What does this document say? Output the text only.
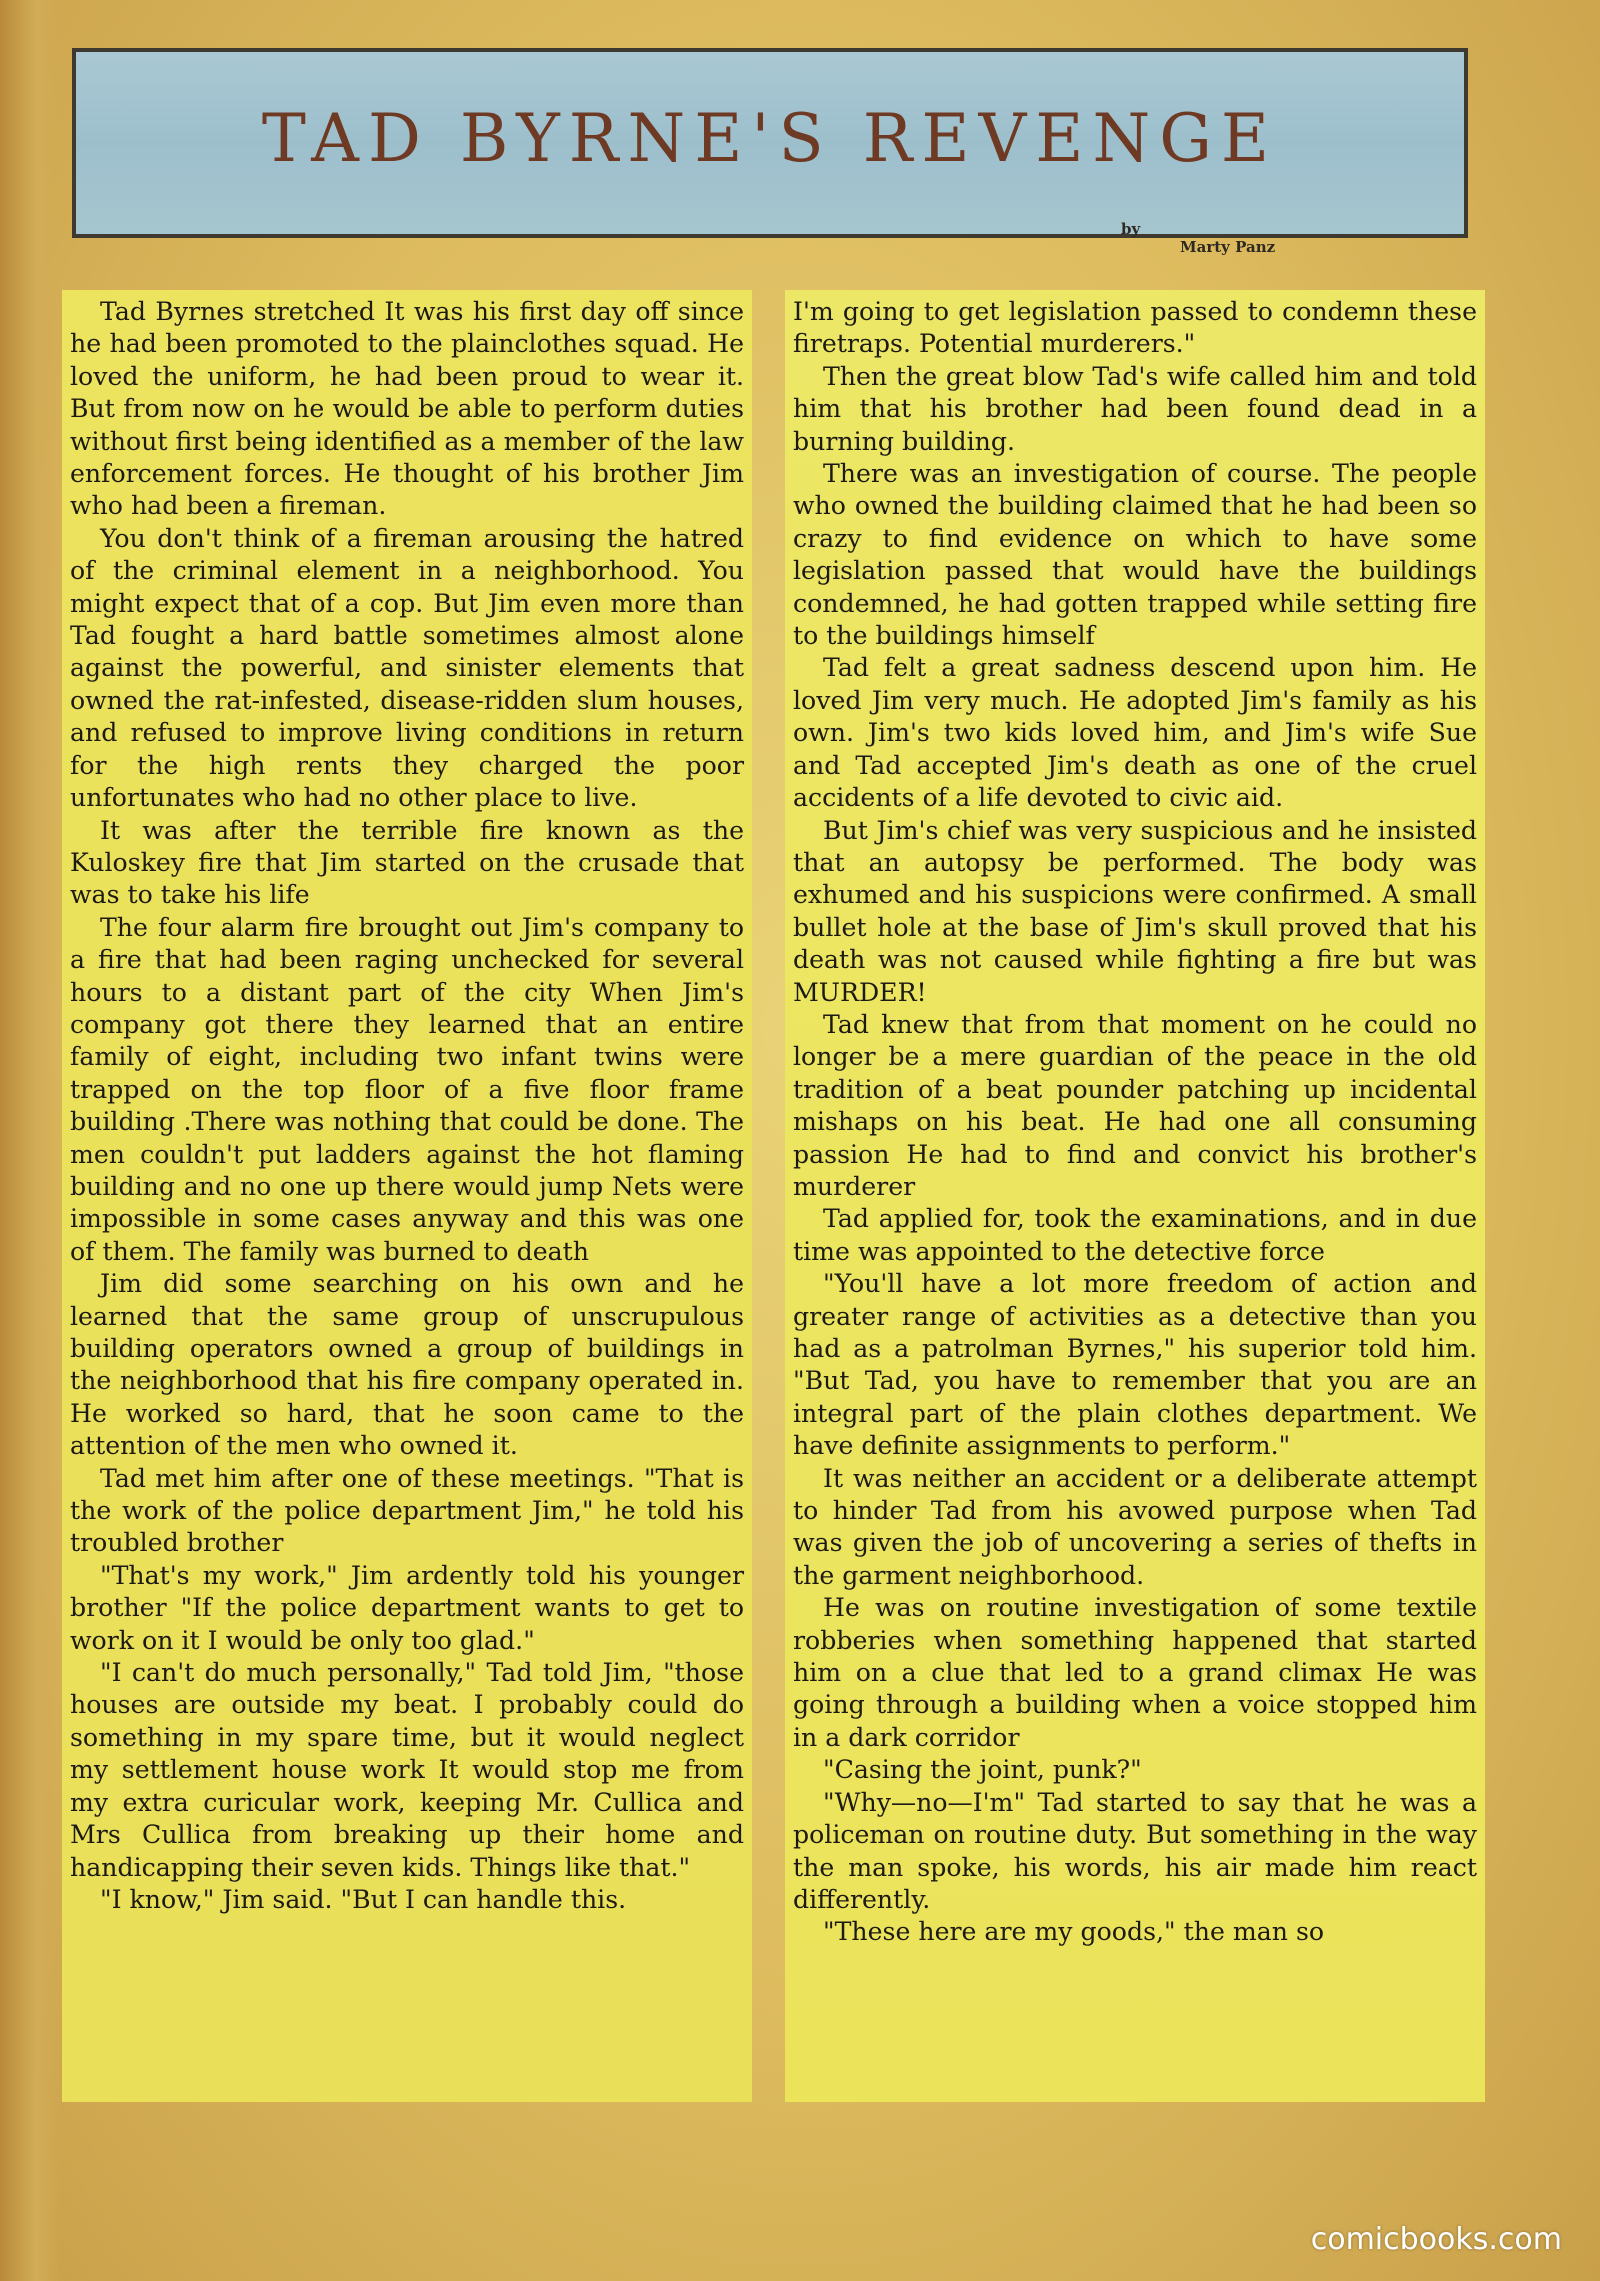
TAD BYRNE'S REVENGE
by
Marty Panz

Tad Byrnes stretched It was his first day off since he had been promoted to the plainclothes squad. He loved the uniform, he had been proud to wear it. But from now on he would be able to perform duties without first being identified as a member of the law enforcement forces. He thought of his brother Jim who had been a fireman.

You don't think of a fireman arousing the hatred of the criminal element in a neighborhood. You might expect that of a cop. But Jim even more than Tad fought a hard battle sometimes almost alone against the powerful, and sinister elements that owned the rat-infested, disease-ridden slum houses, and refused to improve living conditions in return for the high rents they charged the poor unfortunates who had no other place to live.

It was after the terrible fire known as the Kuloskey fire that Jim started on the crusade that was to take his life

The four alarm fire brought out Jim's company to a fire that had been raging unchecked for several hours to a distant part of the city When Jim's company got there they learned that an entire family of eight, including two infant twins were trapped on the top floor of a five floor frame building .There was nothing that could be done. The men couldn't put ladders against the hot flaming building and no one up there would jump Nets were impossible in some cases anyway and this was one of them. The family was burned to death

Jim did some searching on his own and he learned that the same group of unscrupulous building operators owned a group of buildings in the neighborhood that his fire company operated in. He worked so hard, that he soon came to the attention of the men who owned it.

Tad met him after one of these meetings. "That is the work of the police department Jim," he told his troubled brother

"That's my work," Jim ardently told his younger brother "If the police department wants to get to work on it I would be only too glad."

"I can't do much personally," Tad told Jim, "those houses are outside my beat. I probably could do something in my spare time, but it would neglect my settlement house work It would stop me from my extra curicular work, keeping Mr. Cullica and Mrs Cullica from breaking up their home and handicapping their seven kids. Things like that."

"I know," Jim said. "But I can handle this.

I'm going to get legislation passed to condemn these firetraps. Potential murderers."

Then the great blow Tad's wife called him and told him that his brother had been found dead in a burning building.

There was an investigation of course. The people who owned the building claimed that he had been so crazy to find evidence on which to have some legislation passed that would have the buildings condemned, he had gotten trapped while setting fire to the buildings himself

Tad felt a great sadness descend upon him. He loved Jim very much. He adopted Jim's family as his own. Jim's two kids loved him, and Jim's wife Sue and Tad accepted Jim's death as one of the cruel accidents of a life devoted to civic aid.

But Jim's chief was very suspicious and he insisted that an autopsy be performed. The body was exhumed and his suspicions were confirmed. A small bullet hole at the base of Jim's skull proved that his death was not caused while fighting a fire but was MURDER!

Tad knew that from that moment on he could no longer be a mere guardian of the peace in the old tradition of a beat pounder patching up incidental mishaps on his beat. He had one all consuming passion He had to find and convict his brother's murderer

Tad applied for, took the examinations, and in due time was appointed to the detective force

"You'll have a lot more freedom of action and greater range of activities as a detective than you had as a patrolman Byrnes," his superior told him. "But Tad, you have to remember that you are an integral part of the plain clothes department. We have definite assignments to perform."

It was neither an accident or a deliberate attempt to hinder Tad from his avowed purpose when Tad was given the job of uncovering a series of thefts in the garment neighborhood.

He was on routine investigation of some textile robberies when something happened that started him on a clue that led to a grand climax He was going through a building when a voice stopped him in a dark corridor

"Casing the joint, punk?"

"Why—no—I'm" Tad started to say that he was a policeman on routine duty. But something in the way the man spoke, his words, his air made him react differently.

"These here are my goods," the man so

comicbooks.com
